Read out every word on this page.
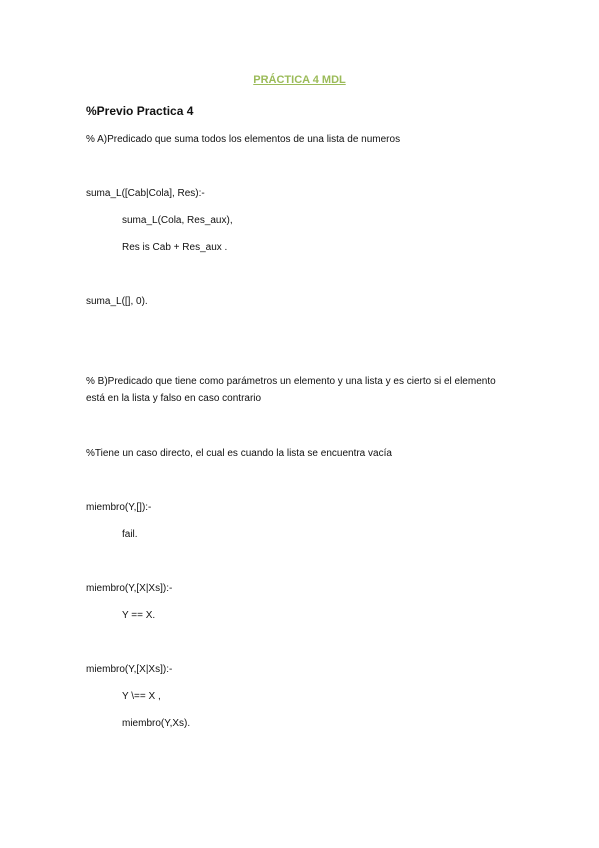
PRÁCTICA 4 MDL
%Previo Practica 4
% A)Predicado que suma todos los elementos de una lista de numeros
suma_L([Cab|Cola], Res):-
suma_L(Cola, Res_aux),
Res is Cab + Res_aux .
suma_L([], 0).
% B)Predicado que tiene como parámetros un elemento y una lista y es cierto si el elemento está en la lista y falso en caso contrario
%Tiene un caso directo, el cual es cuando la lista se encuentra vacía
miembro(Y,[]):-
fail.
miembro(Y,[X|Xs]):-
Y == X.
miembro(Y,[X|Xs]):-
Y \== X ,
miembro(Y,Xs).
